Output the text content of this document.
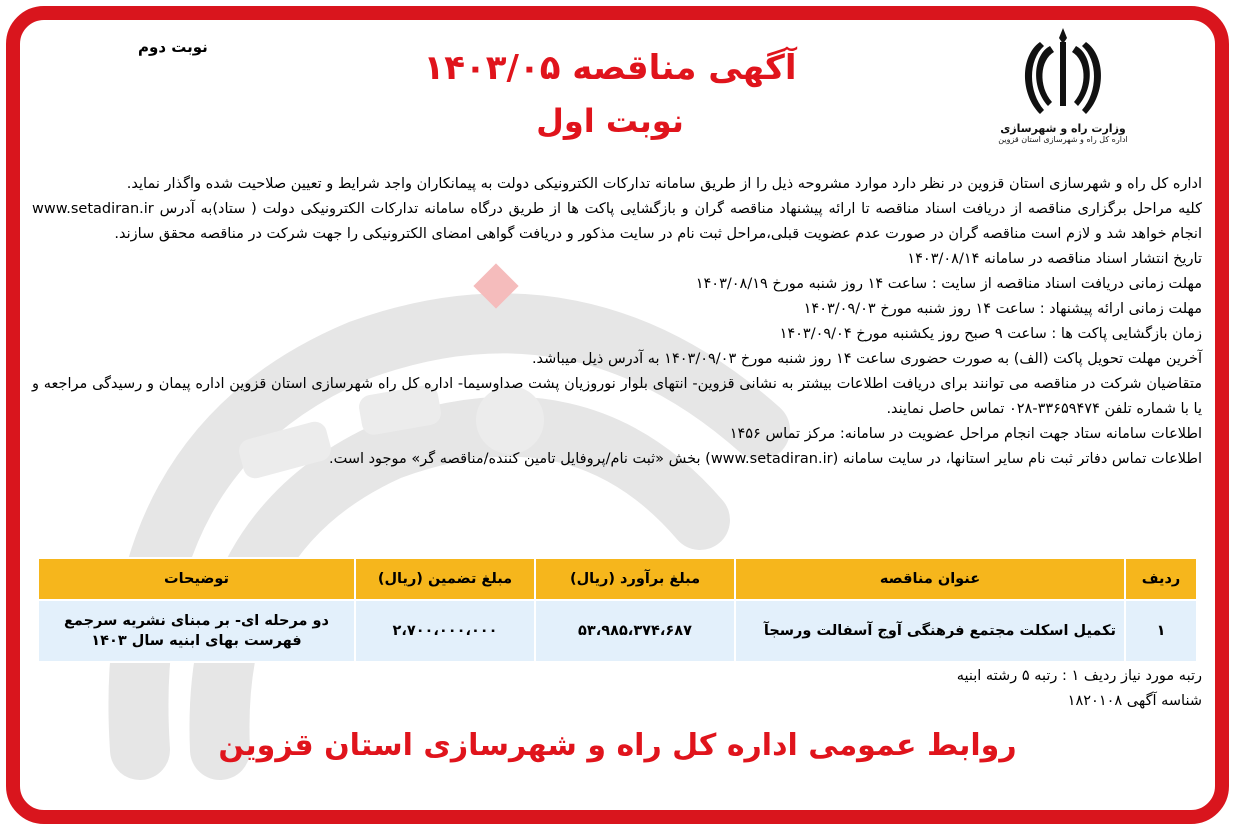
وزارت راه و شهرسازی
اداره کل راه و شهرسازی استان قزوین
نوبت دوم
آگهی مناقصه ۱۴۰۳/۰۵
نوبت اول

اداره کل راه و شهرسازی استان قزوین در نظر دارد موارد مشروحه ذیل را از طریق سامانه تدارکات الکترونیکی دولت به پیمانکاران واجد شرایط و تعیین صلاحیت شده واگذار نماید.

کلیه مراحل برگزاری مناقصه از دریافت اسناد مناقصه تا ارائه پیشنهاد مناقصه گران و بازگشایی پاکت ها از طریق درگاه سامانه تدارکات الکترونیکی دولت ( ستاد)به آدرس www.setadiran.ir انجام خواهد شد و لازم است مناقصه گران در صورت عدم عضویت قبلی،مراحل ثبت نام در سایت مذکور و دریافت گواهی امضای الکترونیکی را جهت شرکت در مناقصه محقق سازند.

تاریخ انتشار اسناد مناقصه در سامانه ۱۴۰۳/۰۸/۱۴

مهلت زمانی دریافت اسناد مناقصه از سایت : ساعت ۱۴ روز شنبه مورخ ۱۴۰۳/۰۸/۱۹

مهلت زمانی ارائه پیشنهاد : ساعت ۱۴ روز شنبه مورخ ۱۴۰۳/۰۹/۰۳

زمان بازگشایی پاکت ها : ساعت ۹ صبح روز یکشنبه مورخ ۱۴۰۳/۰۹/۰۴

آخرین مهلت تحویل پاکت (الف) به صورت حضوری ساعت ۱۴ روز شنبه مورخ ۱۴۰۳/۰۹/۰۳ به آدرس ذیل میباشد.

متقاضیان شرکت در مناقصه می توانند برای دریافت اطلاعات بیشتر به نشانی قزوین- انتهای بلوار نوروزیان پشت صداوسیما- اداره کل راه شهرسازی استان قزوین اداره پیمان و رسیدگی مراجعه و یا با شماره تلفن ۳۳۶۵۹۴۷۴-۰۲۸ تماس حاصل نمایند.

اطلاعات سامانه ستاد جهت انجام مراحل عضویت در سامانه: مرکز تماس ۱۴۵۶

اطلاعات تماس دفاتر ثبت نام سایر استانها، در سایت سامانه (www.setadiran.ir) بخش «ثبت نام/پروفایل تامین کننده/مناقصه گر» موجود است.

ردیف	عنوان مناقصه	مبلغ برآورد (ریال)	مبلغ تضمین (ریال)	توضیحات
۱	تکمیل اسکلت مجتمع فرهنگی آوج آسفالت ورسجآ	۵۳،۹۸۵،۳۷۴،۶۸۷	۲،۷۰۰،۰۰۰،۰۰۰	دو مرحله ای- بر مبنای نشریه سرجمع فهرست بهای ابنیه سال ۱۴۰۳

رتبه مورد نیاز ردیف ۱ : رتبه ۵ رشته ابنیه

شناسه آگهی ۱۸۲۰۱۰۸

روابط عمومی اداره کل راه و شهرسازی استان قزوین
